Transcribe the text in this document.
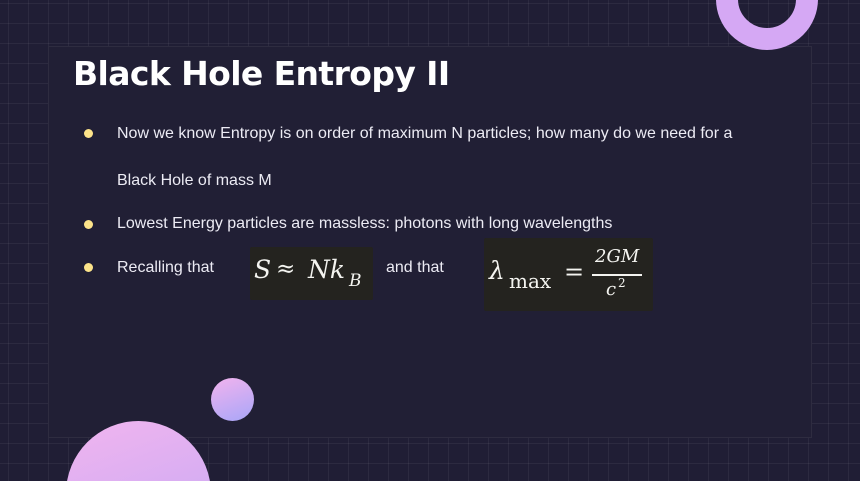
Black Hole Entropy II
Now we know Entropy is on order of maximum N particles; how many do we need for a
Black Hole of mass M
Lowest Energy particles are massless: photons with long wavelengths
Recalling that S ≈ Nk B
and that λ max =
2GM
c 2
